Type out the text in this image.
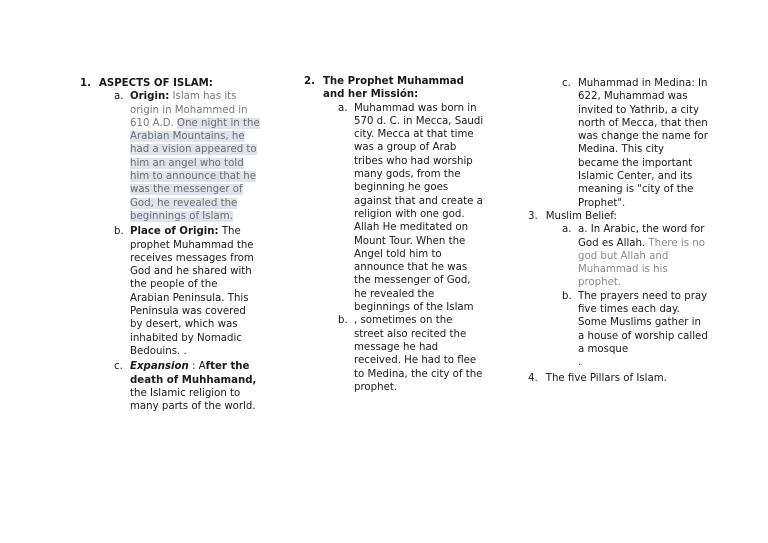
1. ASPECTS OF ISLAM:
a. Origin: Islam has its origin in Mohammed in 610 A.D. One night in the Arabian Mountains, he had a vision appeared to him an angel who told him to announce that he was the messenger of God, he revealed the beginnings of Islam.
b. Place of Origin: The prophet Muhammad the receives messages from God and he shared with the people of the Arabian Peninsula. This Peninsula was covered by desert, which was inhabited by Nomadic Bedouins. .
c. Expansion : After the death of Muhhamand, the Islamic religion to many parts of the world.
2. The Prophet Muhammad and her Missión:
a. Muhammad was born in 570 d. C. in Mecca, Saudi city. Mecca at that time was a group of Arab tribes who had worship many gods, from the beginning he goes against that and create a religion with one god. Allah He meditated on Mount Tour. When the Angel told him to announce that he was the messenger of God, he revealed the beginnings of the Islam
b. , sometimes on the street also recited the message he had received. He had to flee to Medina, the city of the prophet.
c. Muhammad in Medina: In 622, Muhammad was invited to Yathrib, a city north of Mecca, that then was change the name for Medina. This city became the important Islamic Center, and its meaning is "city of the Prophet".
3. Muslim Belief:
a. a. In Arabic, the word for God es Allah. There is no god but Allah and Muhammad is his prophet.
b. The prayers need to pray five times each day. Some Muslims gather in a house of worship called a mosque
.
4. The five Pillars of Islam.
